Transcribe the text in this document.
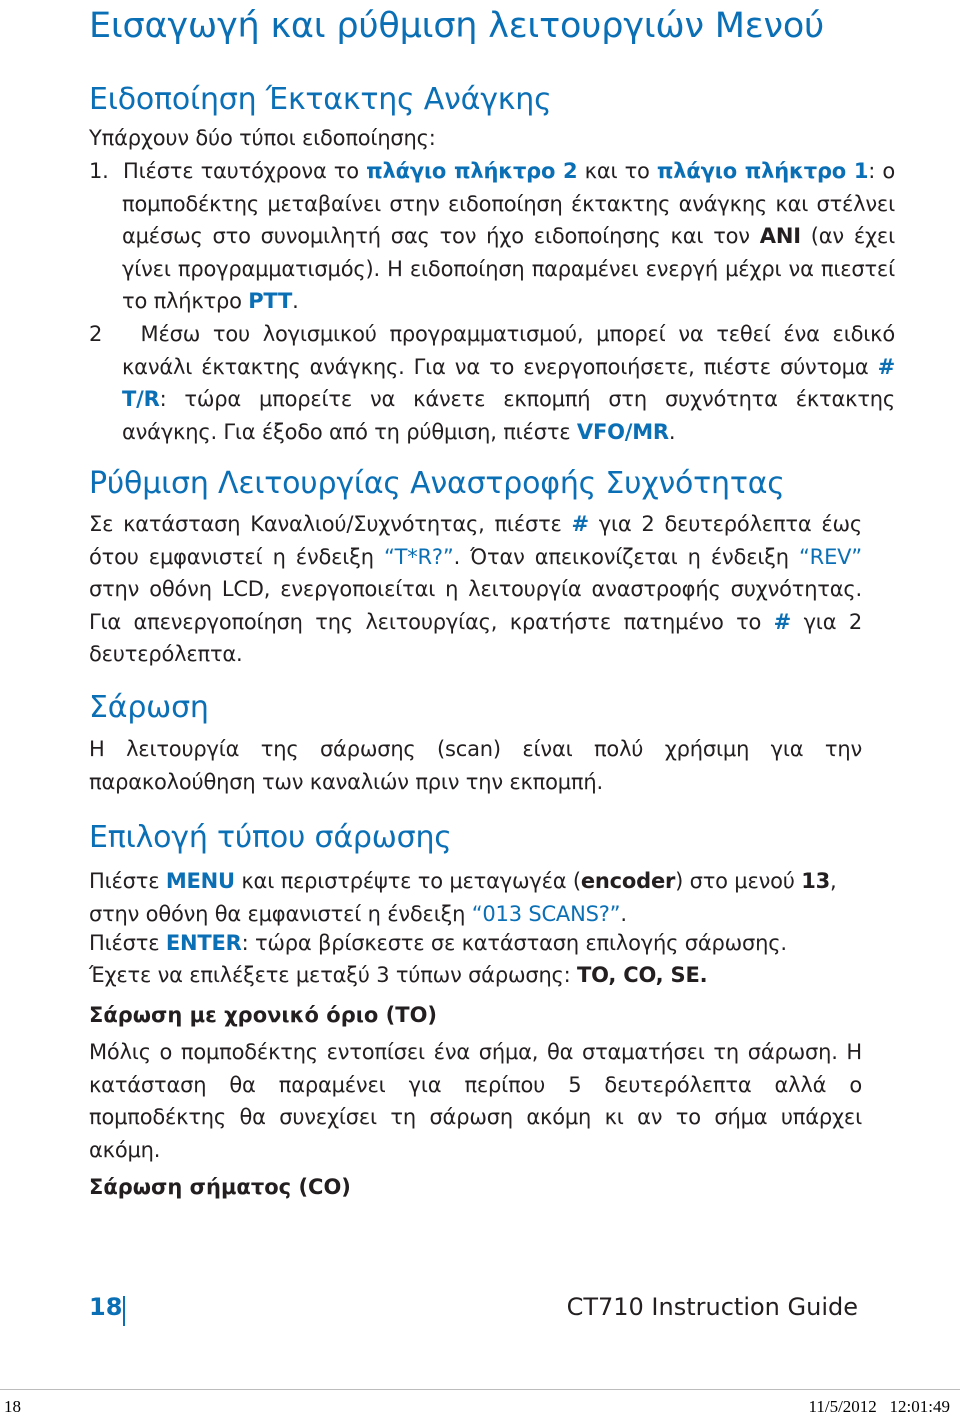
Εισαγωγή και ρύθμιση λειτουργιών Μενού
Ειδοποίηση Έκτακτης Ανάγκης

Υπάρχουν δύο τύποι ειδοποίησης:

1. Πιέστε ταυτόχρονα το πλάγιο πλήκτρο 2 και το πλάγιο πλήκτρο 1: ο πομποδέκτης μεταβαίνει στην ειδοποίηση έκτακτης ανάγκης και στέλνει αμέσως στο συνομιλητή σας τον ήχο ειδοποίησης και τον ANI (αν έχει γίνει προγραμματισμός). Η ειδοποίηση παραμένει ενεργή μέχρι να πιεστεί το πλήκτρο PTT.

2 Μέσω του λογισμικού προγραμματισμού, μπορεί να τεθεί ένα ειδικό κανάλι έκτακτης ανάγκης. Για να το ενεργοποιήσετε, πιέστε σύντομα # T/R: τώρα μπορείτε να κάνετε εκπομπή στη συχνότητα έκτακτης ανάγκης. Για έξοδο από τη ρύθμιση, πιέστε VFO/MR.

Ρύθμιση Λειτουργίας Αναστροφής Συχνότητας

Σε κατάσταση Καναλιού/Συχνότητας, πιέστε # για 2 δευτερόλεπτα έως ότου εμφανιστεί η ένδειξη “T*R?”. Όταν απεικονίζεται η ένδειξη “REV” στην οθόνη LCD, ενεργοποιείται η λειτουργία αναστροφής συχνότητας. Για απενεργοποίηση της λειτουργίας, κρατήστε πατημένο το # για 2 δευτερόλεπτα.

Σάρωση

Η λειτουργία της σάρωσης (scan) είναι πολύ χρήσιμη για την παρακολούθηση των καναλιών πριν την εκπομπή.

Επιλογή τύπου σάρωσης

Πιέστε MENU και περιστρέψτε το μεταγωγέα (encoder) στο μενού 13, στην οθόνη θα εμφανιστεί η ένδειξη “013 SCANS?”.

Πιέστε ENTER: τώρα βρίσκεστε σε κατάσταση επιλογής σάρωσης.

Έχετε να επιλέξετε μεταξύ 3 τύπων σάρωσης: TO, CO, SE.

Σάρωση με χρονικό όριο (TO)

Μόλις ο πομποδέκτης εντοπίσει ένα σήμα, θα σταματήσει τη σάρωση. Η κατάσταση θα παραμένει για περίπου 5 δευτερόλεπτα αλλά ο πομποδέκτης θα συνεχίσει τη σάρωση ακόμη κι αν το σήμα υπάρχει ακόμη.

Σάρωση σήματος (CO)
18	CT710 Instruction Guide
18	11/5/2012   12:01:49
